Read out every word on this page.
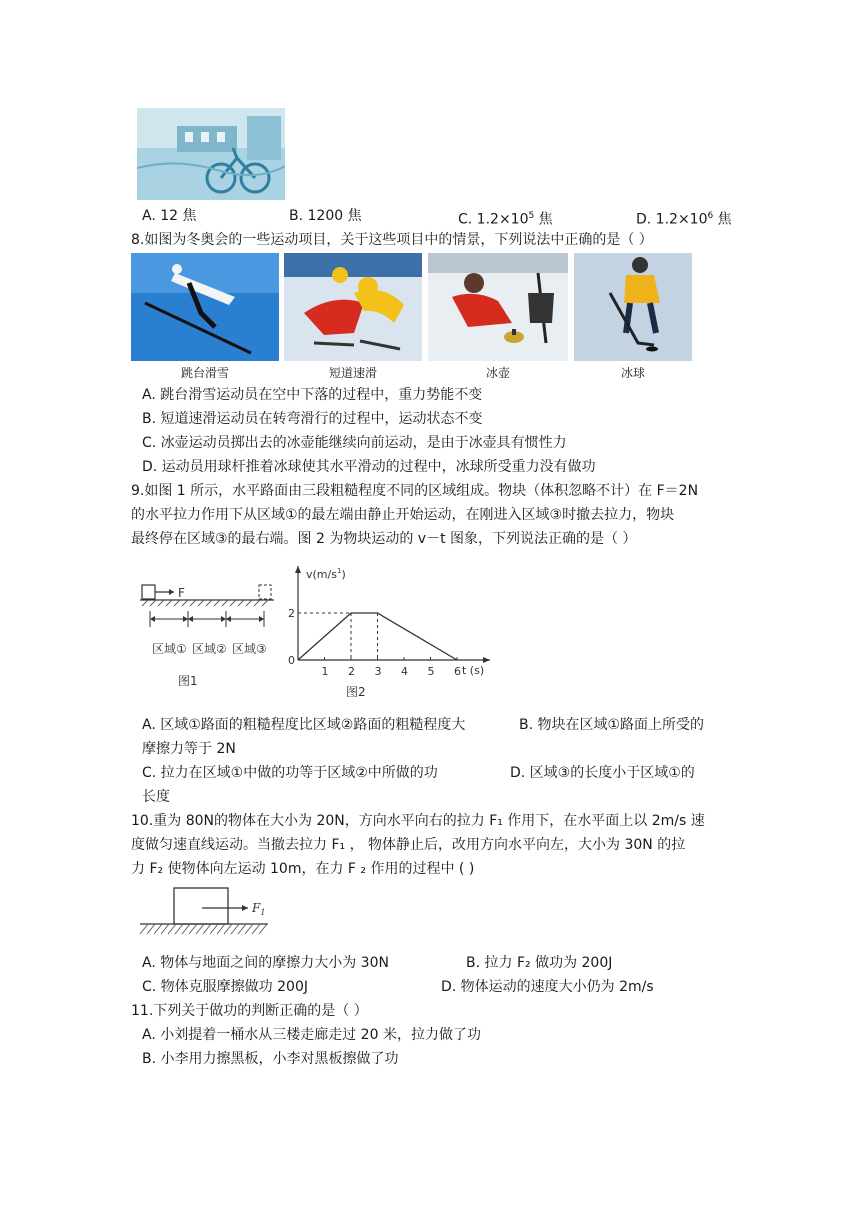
A. 12 焦	B. 1200 焦	C. $1.2\times 10^5$ 焦	D. $1.2\times 10^6$ 焦
8.如图为冬奥会的一些运动项目，关于这些项目中的情景，下列说法中正确的是（ ）
跳台滑雪	短道速滑	冰壶	冰球
A. 跳台滑雪运动员在空中下落的过程中，重力势能不变
B. 短道速滑运动员在转弯滑行的过程中，运动状态不变
C. 冰壶运动员掷出去的冰壶能继续向前运动，是由于冰壶具有惯性力
D. 运动员用球杆推着冰球使其水平滑动的过程中，冰球所受重力没有做功
9.如图 1 所示，水平路面由三段粗糙程度不同的区域组成。物块（体积忽略不计）在 F＝2N
的水平拉力作用下从区域①的最左端由静止开始运动，在刚进入区域③时撤去拉力，物块
最终停在区域③的最右端。图 2 为物块运动的 v－t 图象，下列说法正确的是（ ）
F
区域① 区域② 区域③
图1
$v(m/s^1)$
t (s)
0
1 2 3 4 5 6
2
图2
A. 区域①路面的粗糙程度比区域②路面的粗糙程度大	B. 物块在区域①路面上所受的
摩擦力等于 2N
C. 拉力在区域①中做的功等于区域②中所做的功	D. 区域③的长度小于区域①的
长度
10.重为 80N的物体在大小为 20N，方向水平向右的拉力 F₁ 作用下，在水平面上以 2m/s 速
度做匀速直线运动。当撤去拉力 F₁ ， 物体静止后，改用方向水平向左，大小为 30N 的拉
力 F₂ 使物体向左运动 10m，在力 F ₂ 作用的过程中 ( )
$F_1$
A. 物体与地面之间的摩擦力大小为 30N	B. 拉力 F₂ 做功为 200J
C. 物体克服摩擦做功 200J	D. 物体运动的速度大小仍为 2m/s
11.下列关于做功的判断正确的是（ ）
A. 小刘提着一桶水从三楼走廊走过 20 米，拉力做了功
B. 小李用力擦黑板，小李对黑板擦做了功
